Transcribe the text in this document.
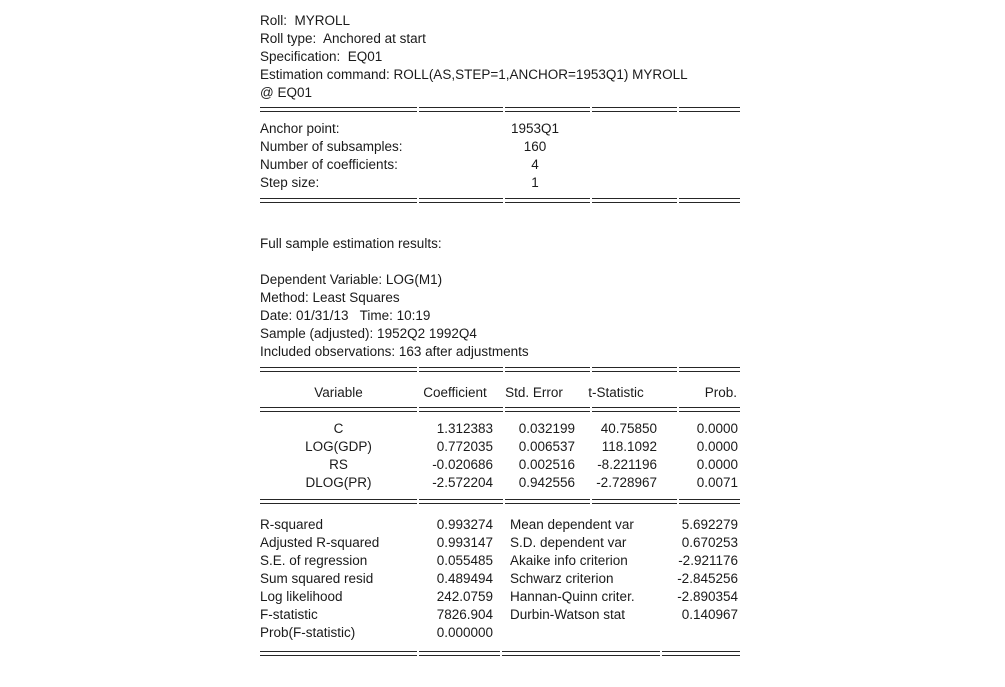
Roll:  MYROLL
Roll type:  Anchored at start
Specification:  EQ01
Estimation command: ROLL(AS,STEP=1,ANCHOR=1953Q1) MYROLL
@ EQ01
Anchor point:	1953Q1
Number of subsamples:	160
Number of coefficients:	4
Step size:	1
Full sample estimation results:
Dependent Variable: LOG(M1)
Method: Least Squares
Date: 01/31/13   Time: 10:19
Sample (adjusted): 1952Q2 1992Q4
Included observations: 163 after adjustments
Variable	Coefficient	Std. Error	t-Statistic	Prob.
C	1.312383	0.032199	40.75850	0.0000
LOG(GDP)	0.772035	0.006537	118.1092	0.0000
RS	-0.020686	0.002516	-8.221196	0.0000
DLOG(PR)	-2.572204	0.942556	-2.728967	0.0071
R-squared	0.993274 Mean dependent var	5.692279
Adjusted R-squared	0.993147 S.D. dependent var	0.670253
S.E. of regression	0.055485 Akaike info criterion	-2.921176
Sum squared resid	0.489494 Schwarz criterion	-2.845256
Log likelihood	242.0759 Hannan-Quinn criter.	-2.890354
F-statistic	7826.904 Durbin-Watson stat	0.140967
Prob(F-statistic)	0.000000
